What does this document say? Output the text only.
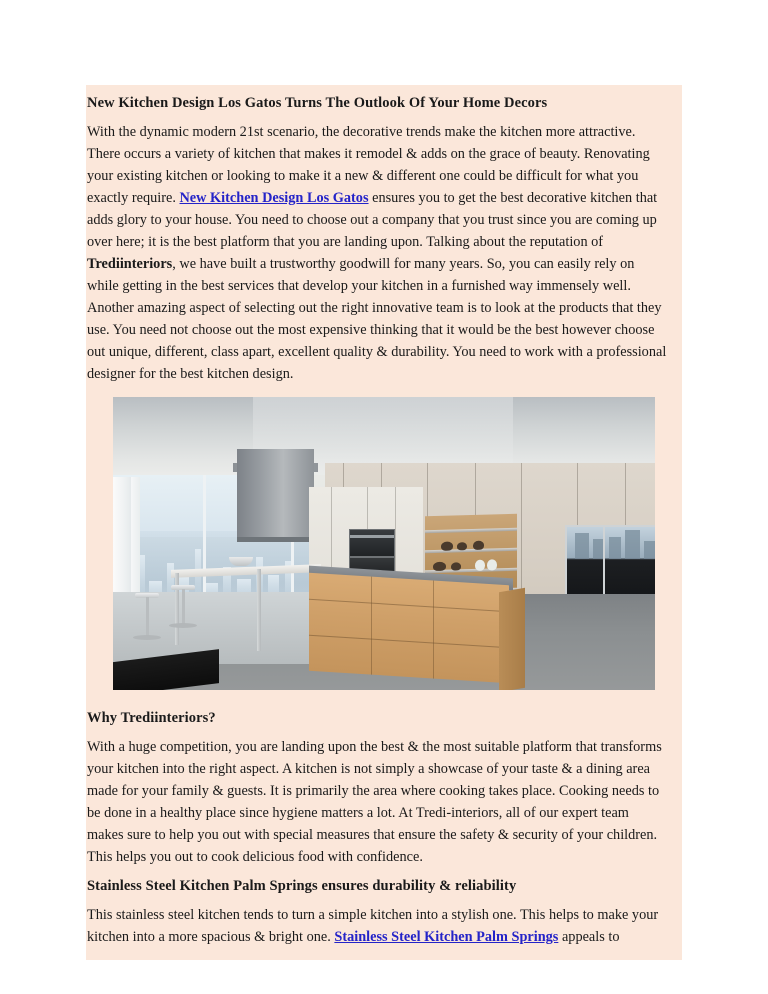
New Kitchen Design Los Gatos Turns The Outlook Of Your Home Decors

With the dynamic modern 21st scenario, the decorative trends make the kitchen more attractive. There occurs a variety of kitchen that makes it remodel & adds on the grace of beauty. Renovating your existing kitchen or looking to make it a new & different one could be difficult for what you exactly require. New Kitchen Design Los Gatos ensures you to get the best decorative kitchen that adds glory to your house. You need to choose out a company that you trust since you are coming up over here; it is the best platform that you are landing upon. Talking about the reputation of Trediinteriors, we have built a trustworthy goodwill for many years. So, you can easily rely on while getting in the best services that develop your kitchen in a furnished way immensely well. Another amazing aspect of selecting out the right innovative team is to look at the products that they use. You need not choose out the most expensive thinking that it would be the best however choose out unique, different, class apart, excellent quality & durability. You need to work with a professional designer for the best kitchen design.

Why Trediinteriors?

With a huge competition, you are landing upon the best & the most suitable platform that transforms your kitchen into the right aspect. A kitchen is not simply a showcase of your taste & a dining area made for your family & guests. It is primarily the area where cooking takes place. Cooking needs to be done in a healthy place since hygiene matters a lot. At Tredi-interiors, all of our expert team makes sure to help you out with special measures that ensure the safety & security of your children. This helps you out to cook delicious food with confidence.

Stainless Steel Kitchen Palm Springs ensures durability & reliability

This stainless steel kitchen tends to turn a simple kitchen into a stylish one. This helps to make your kitchen into a more spacious & bright one. Stainless Steel Kitchen Palm Springs appeals to
